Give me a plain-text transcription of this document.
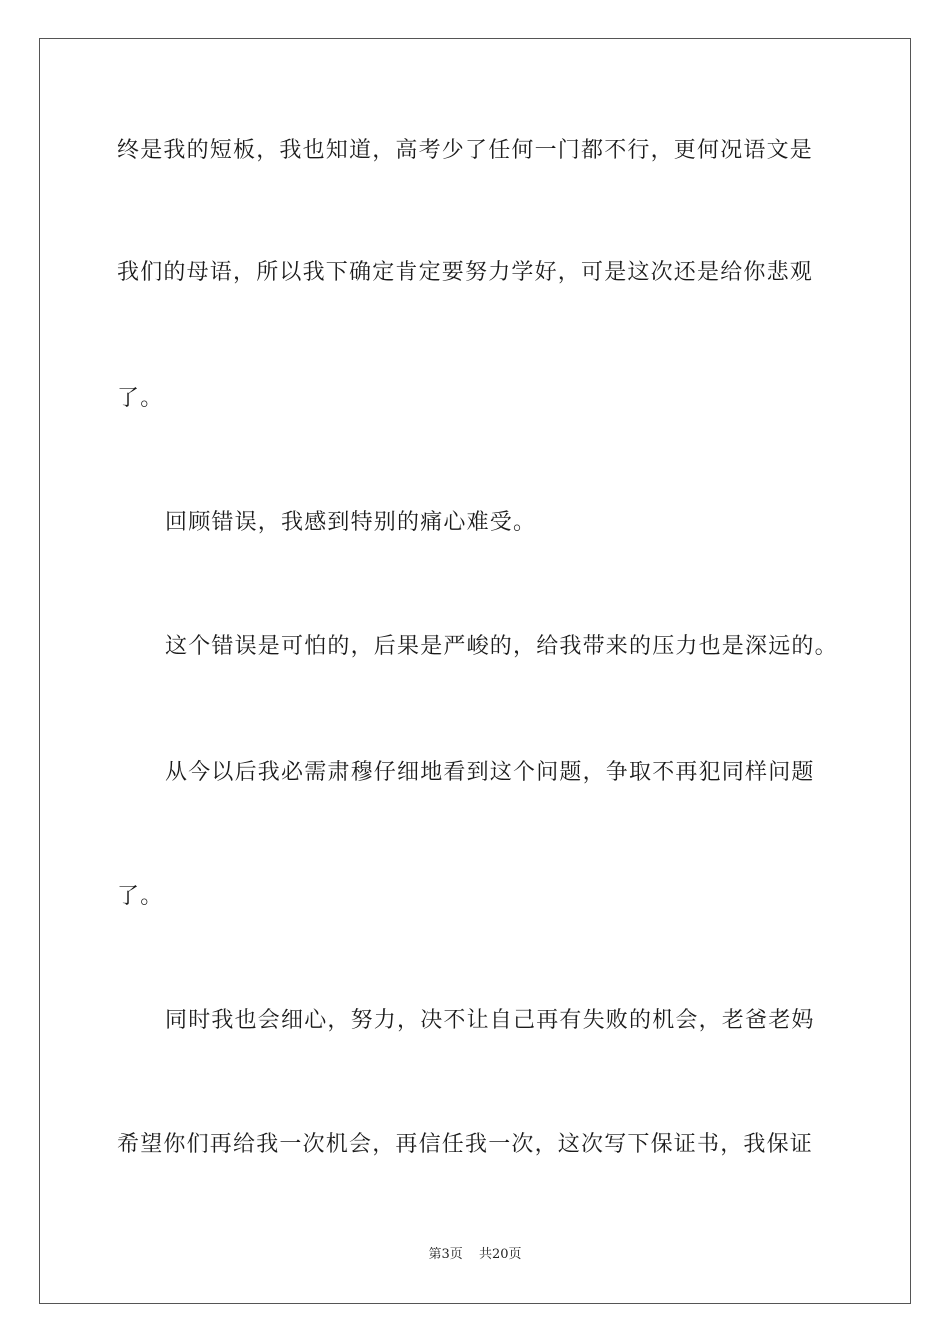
终是我的短板，我也知道，高考少了任何一门都不行，更何况语文是
我们的母语，所以我下确定肯定要努力学好，可是这次还是给你悲观
了。
回顾错误，我感到特别的痛心难受。
这个错误是可怕的，后果是严峻的，给我带来的压力也是深远的。
从今以后我必需肃穆仔细地看到这个问题，争取不再犯同样问题
了。
同时我也会细心，努力，决不让自己再有失败的机会，老爸老妈
希望你们再给我一次机会，再信任我一次，这次写下保证书，我保证
第3页 共20页
